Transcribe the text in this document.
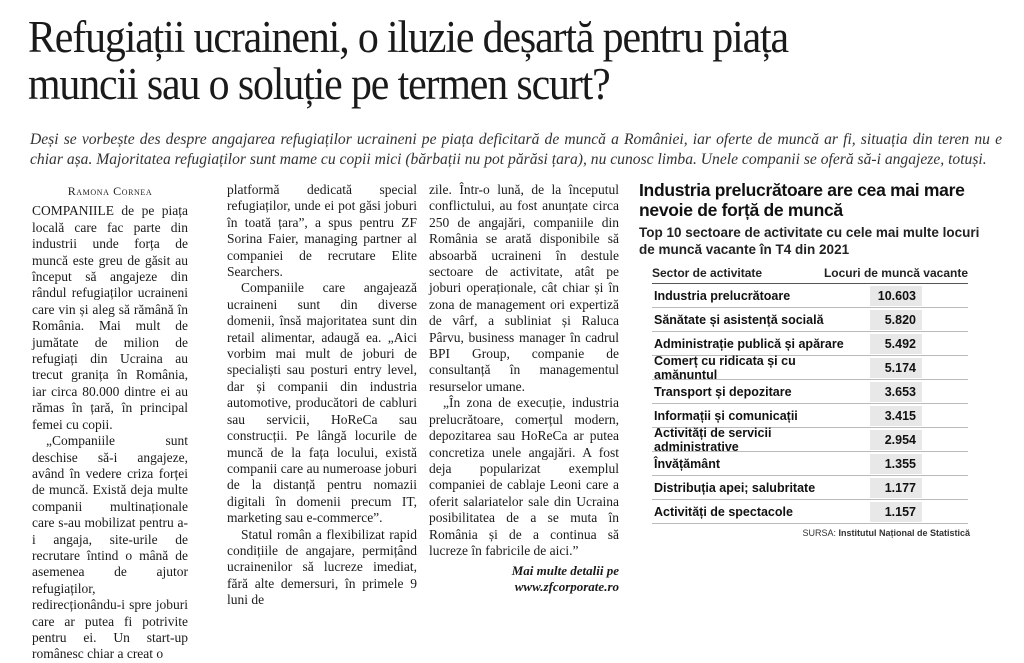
Refugiații ucraineni, o iluzie deșartă pentru piața
muncii sau o soluție pe termen scurt?
Deși se vorbește des despre angajarea refugiaților ucraineni pe piața deficitară de muncă a României, iar oferte de muncă ar fi, situația din teren nu e chiar așa. Majoritatea refugiaților sunt mame cu copii mici (bărbații nu pot părăsi țara), nu cunosc limba. Unele companii se oferă să-i angajeze, totuși.
Ramona Cornea

COMPANIILE de pe piața locală care fac parte din industrii unde forța de muncă este greu de găsit au început să angajeze din rândul refugiaților ucraineni care vin și aleg să rămână în România. Mai mult de jumătate de milion de refugiați din Ucraina au trecut granița în România, iar circa 80.000 dintre ei au rămas în țară, în principal femei cu copii.

„Companiile sunt deschise să-i angajeze, având în vedere criza forței de muncă. Există deja multe companii multinaționale care s-au mobilizat pentru a-i angaja, site-urile de recrutare întind o mână de asemenea de ajutor refugiaților, redirecționându-i spre joburi care ar putea fi potrivite pentru ei. Un start-up românesc chiar a creat o

platformă dedicată special refugiaților, unde ei pot găsi joburi în toată țara”, a spus pentru ZF Sorina Faier, managing partner al companiei de recrutare Elite Searchers.

Companiile care angajează ucraineni sunt din diverse domenii, însă majoritatea sunt din retail alimentar, adaugă ea. „Aici vorbim mai mult de joburi de specialiști sau posturi entry level, dar și companii din industria automotive, producători de cabluri sau servicii, HoReCa sau construcții. Pe lângă locurile de muncă de la fața locului, există companii care au numeroase joburi de la distanță pentru nomazii digitali în domenii precum IT, marketing sau e-commerce”.

Statul român a flexibilizat rapid condițiile de angajare, permițând ucrainenilor să lucreze imediat, fără alte demersuri, în primele 9 luni de

zile. Într-o lună, de la începutul conflictului, au fost anunțate circa 250 de angajări, companiile din România se arată disponibile să absoarbă ucraineni în destule sectoare de activitate, atât pe joburi operaționale, cât chiar și în zona de management ori expertiză de vârf, a subliniat și Raluca Pârvu, business manager în cadrul BPI Group, companie de consultanță în managementul resurselor umane.

„În zona de execuție, industria prelucrătoare, comerțul modern, depozitarea sau HoReCa ar putea concretiza unele angajări. A fost deja popularizat exemplul companiei de cablaje Leoni care a oferit salariatelor sale din Ucraina posibilitatea de a se muta în România și de a continua să lucreze în fabricile de aici.”

Mai multe detalii pe
www.zfcorporate.ro
Industria prelucrătoare are cea mai mare nevoie de forță de muncă
Top 10 sectoare de activitate cu cele mai multe locuri de muncă vacante în T4 din 2021
Sector de activitate	Locuri de muncă vacante
Industria prelucrătoare	10.603
Sănătate și asistență socială	5.820
Administrație publică și apărare	5.492
Comerț cu ridicata și cu amănuntul	5.174
Transport și depozitare	3.653
Informații și comunicații	3.415
Activități de servicii administrative	2.954
Învățământ	1.355
Distribuția apei; salubritate	1.177
Activități de spectacole	1.157
SURSA: Institutul Național de Statistică
